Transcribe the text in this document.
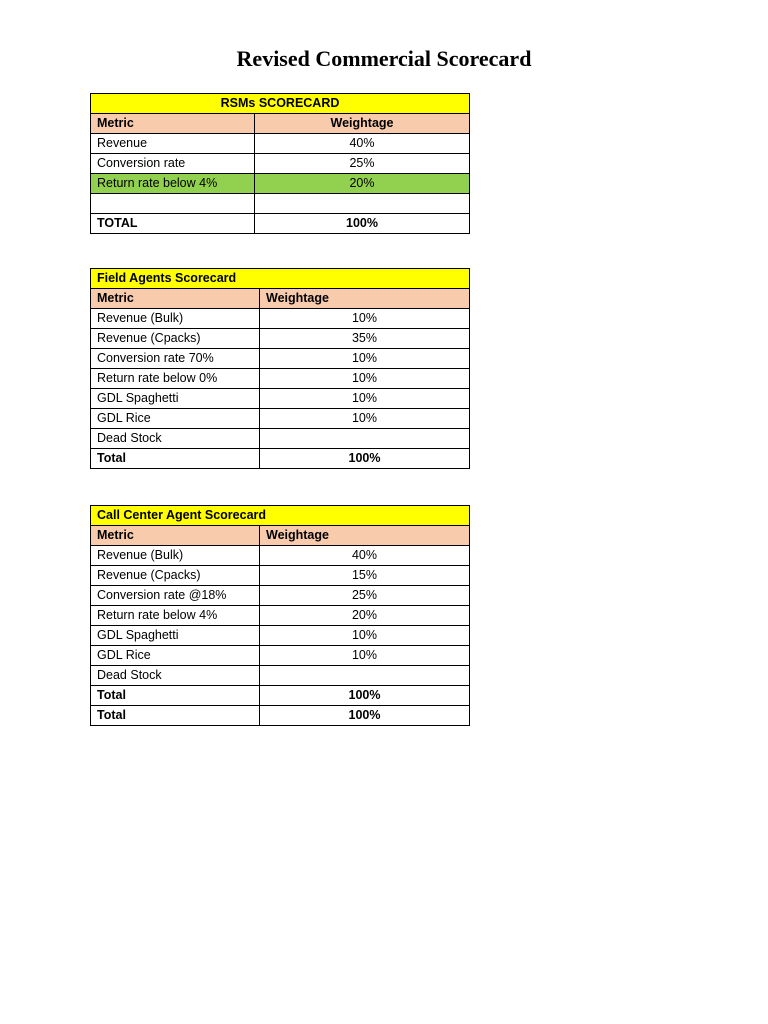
Revised Commercial Scorecard
RSMs SCORECARD	
Metric	Weightage
Revenue	40%
Conversion rate	25%
Return rate below 4%	20%

TOTAL	100%
Field Agents Scorecard	
Metric	Weightage
Revenue (Bulk)	10%
Revenue (Cpacks)	35%
Conversion rate 70%	10%
Return rate below 0%	10%
GDL Spaghetti	10%
GDL Rice	10%
Dead Stock	
Total	100%
Call Center Agent Scorecard	
Metric	Weightage
Revenue (Bulk)	40%
Revenue (Cpacks)	15%
Conversion rate @18%	25%
Return rate below 4%	20%
GDL Spaghetti	10%
GDL Rice	10%
Dead Stock	
Total	100%
Total	100%
